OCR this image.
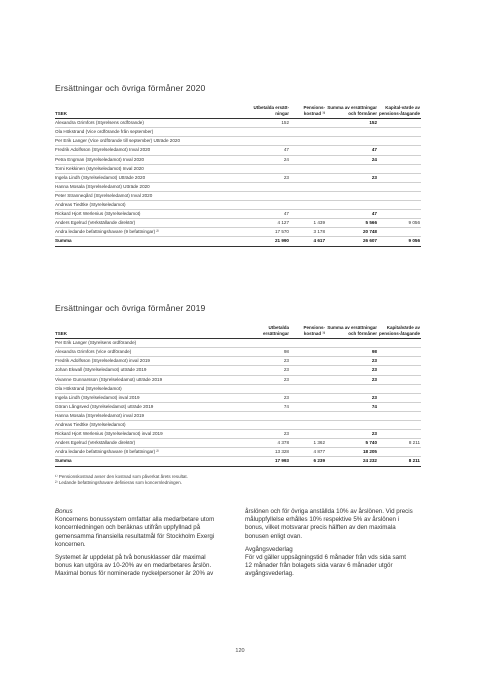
Ersättningar och övriga förmåner 2020
TSEK	Utbetalda ersätt-ningar	Pensions-kostnad ¹⁾	Summa av ersättningar och förmåner	Kapital-värde av pensions-åtagande
Alexandra Grimfors (Styrelsens ordförande)	152		152	
Ola Hökstrand (Vice ordförande från september)				
Per Erik Langer (Vice ordförande till september) Utträde 2020				
Fredrik Adolfsson (Styrelseledamot) Inval 2020	47		47	
Petra Engman (Styrelseledamot) Inval 2020	24		24	
Tomi Kekkinen (styrelseledamot) Inval 2020				
Ingela Lindh (Styrelseledamot) Utträde 2020	23		23	
Hanna Mosala (Styrelseledamot) Utträde 2020				
Peter Stranneqård (Styrelseledamot) Inval 2020				
Andreas Tiedtke (Styrelseledamot)				
Rickard Hjort Werlenius (Styrelseledamot)	47		47	
Anders Egelrud (Verkställande direktör)	4 127	1 439	5 566	9 056
Andra ledande befattningshavare (9 befattningar) ²⁾	17 570	3 178	20 748	
Summa	21 990	4 617	26 607	9 056
Ersättningar och övriga förmåner 2019
TSEK	Utbetalda ersättningar	Pensions-kostnad ¹⁾	Summa av ersättningar och förmåner	Kapitalvärde av pensions-åtagande
Per Erik Langer (Styrelsens ordförande)				
Alexandra Grimfors (Vice ordförande)	98		98	
Fredrik Adolfsson (Styrelseledamot) inval 2019	23		23	
Johan Ekwall (Styrelseledamot) utträde 2019	23		23	
Vivanne Gunnarsson (Styrelseledamot) utträde 2019	23		23	
Ola Hökstrand (Styrelseledamot)				
Ingela Lindh (Styrelseledamot) inval 2019	23		23	
Göran Långsved (Styrelseledamot) utträde 2019	74		74	
Hanna Mosala (Styrelseledamot) inval 2019				
Andreas Tiedtke (Styrelseledamot)				
Rickard Hjort Werlenius (Styrelseledamot) inval 2019	23		23	
Anders Egelrud (Verkställande direktör)	4 378	1 362	5 740	8 211
Andra ledande befattningshavare (8 befattningar) ²⁾	13 328	4 877	18 205	
Summa	17 993	6 239	24 232	8 211
¹⁾ Pensionskostnad avser den kostnad som påverkat årets resultat.
²⁾ Ledande befattningshavare definieras som koncernledningen.
Bonus

Koncernens bonussystem omfattar alla medarbetare utom koncernledningen och beräknas utifrån uppfyllnad på gemensamma finansiella resultatmål för Stockholm Exergi koncernen.

Systemet är uppdelat på två bonusklasser där maximal bonus kan utgöra av 10-20% av en medarbetares årslön. Maximal bonus för nominerade nyckelpersoner är 20% av

årslönen och för övriga anställda 10% av årslönen. Vid precis måluppfyllelse erhålles 10% respektive 5% av årslönen i bonus, vilket motsvarar precis hälften av den maximala bonusen enligt ovan.

Avgångsvederlag

För vd gäller uppsägningstid 6 månader från vds sida samt 12 månader från bolagets sida varav 6 månader utgör avgångsvederlag.

120
